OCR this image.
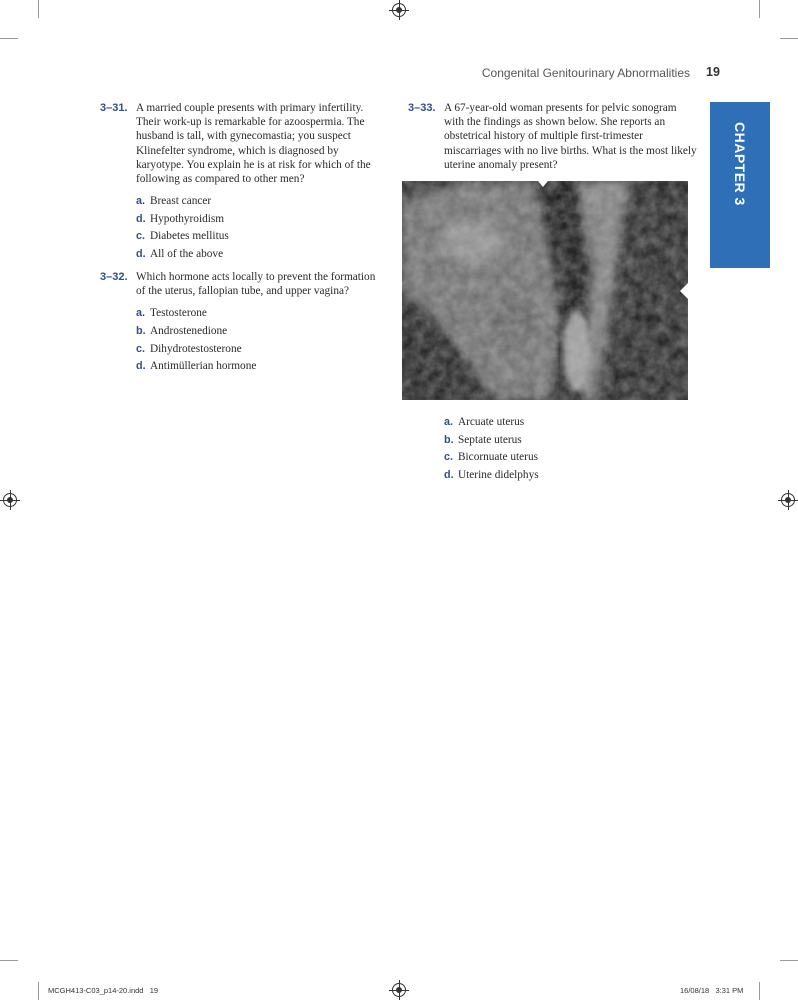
Congenital Genitourinary Abnormalities 19
CHAPTER 3
3–31. A married couple presents with primary infertility. Their work-up is remarkable for azoospermia. The husband is tall, with gynecomastia; you suspect Klinefelter syndrome, which is diagnosed by karyotype. You explain he is at risk for which of the following as compared to other men?

a. Breast cancer
d. Hypothyroidism
c. Diabetes mellitus
d. All of the above
3–32. Which hormone acts locally to prevent the formation of the uterus, fallopian tube, and upper vagina?

a. Testosterone
b. Androstenedione
c. Dihydrotestosterone
d. Antimüllerian hormone
3–33. A 67-year-old woman presents for pelvic sonogram with the findings as shown below. She reports an obstetrical history of multiple first-trimester miscarriages with no live births. What is the most likely uterine anomaly present?

a. Arcuate uterus
b. Septate uterus
c. Bicornuate uterus
d. Uterine didelphys
MCGH413-C03_p14-20.indd   19	16/08/18   3:31 PM
